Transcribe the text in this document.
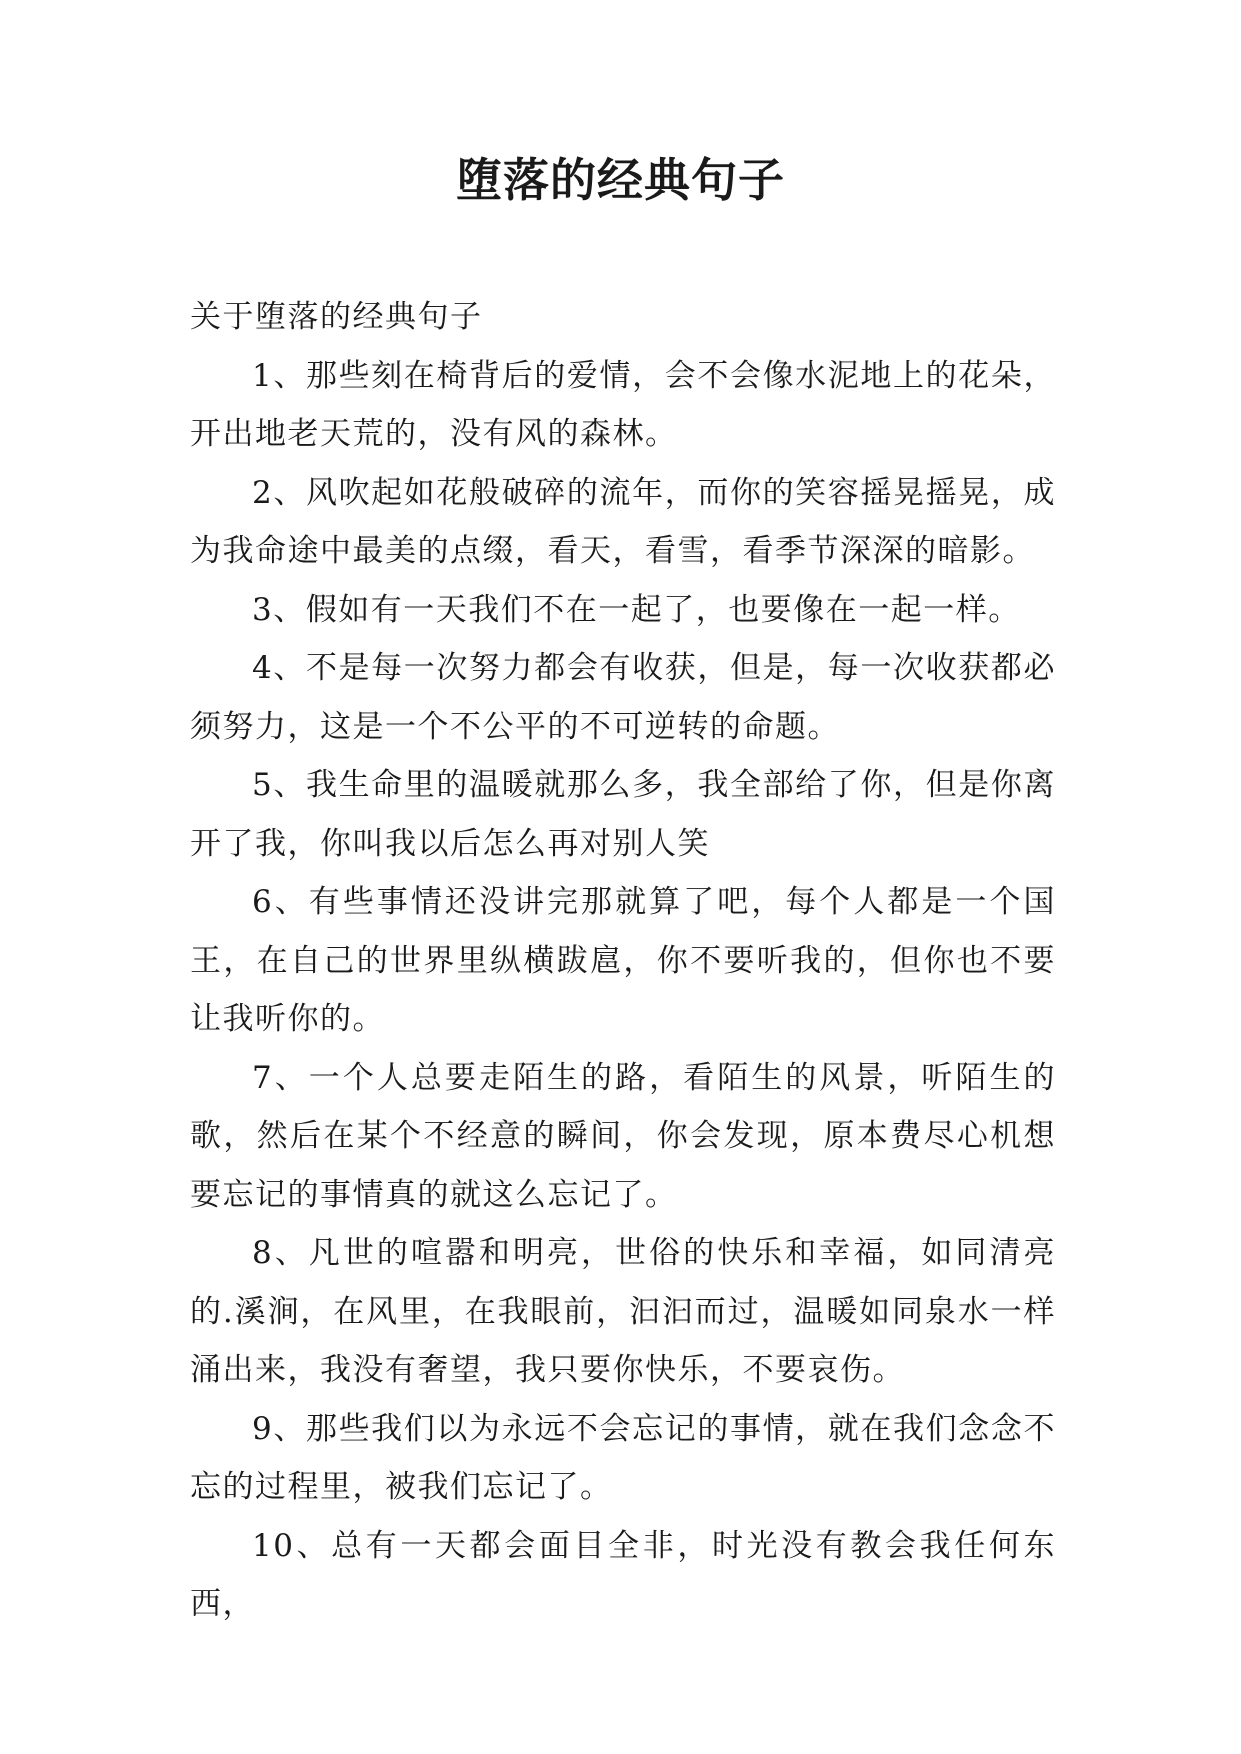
堕落的经典句子

关于堕落的经典句子

1、那些刻在椅背后的爱情，会不会像水泥地上的花朵，开出地老天荒的，没有风的森林。

2、风吹起如花般破碎的流年，而你的笑容摇晃摇晃，成为我命途中最美的点缀，看天，看雪，看季节深深的暗影。

3、假如有一天我们不在一起了，也要像在一起一样。

4、不是每一次努力都会有收获，但是，每一次收获都必须努力，这是一个不公平的不可逆转的命题。

5、我生命里的温暖就那么多，我全部给了你，但是你离开了我，你叫我以后怎么再对别人笑

6、有些事情还没讲完那就算了吧，每个人都是一个国王，在自己的世界里纵横跋扈，你不要听我的，但你也不要让我听你的。

7、一个人总要走陌生的路，看陌生的风景，听陌生的歌，然后在某个不经意的瞬间，你会发现，原本费尽心机想要忘记的事情真的就这么忘记了。

8、凡世的喧嚣和明亮，世俗的快乐和幸福，如同清亮的.溪涧，在风里，在我眼前，汩汩而过，温暖如同泉水一样涌出来，我没有奢望，我只要你快乐，不要哀伤。

9、那些我们以为永远不会忘记的事情，就在我们念念不忘的过程里，被我们忘记了。

10、总有一天都会面目全非，时光没有教会我任何东西，
